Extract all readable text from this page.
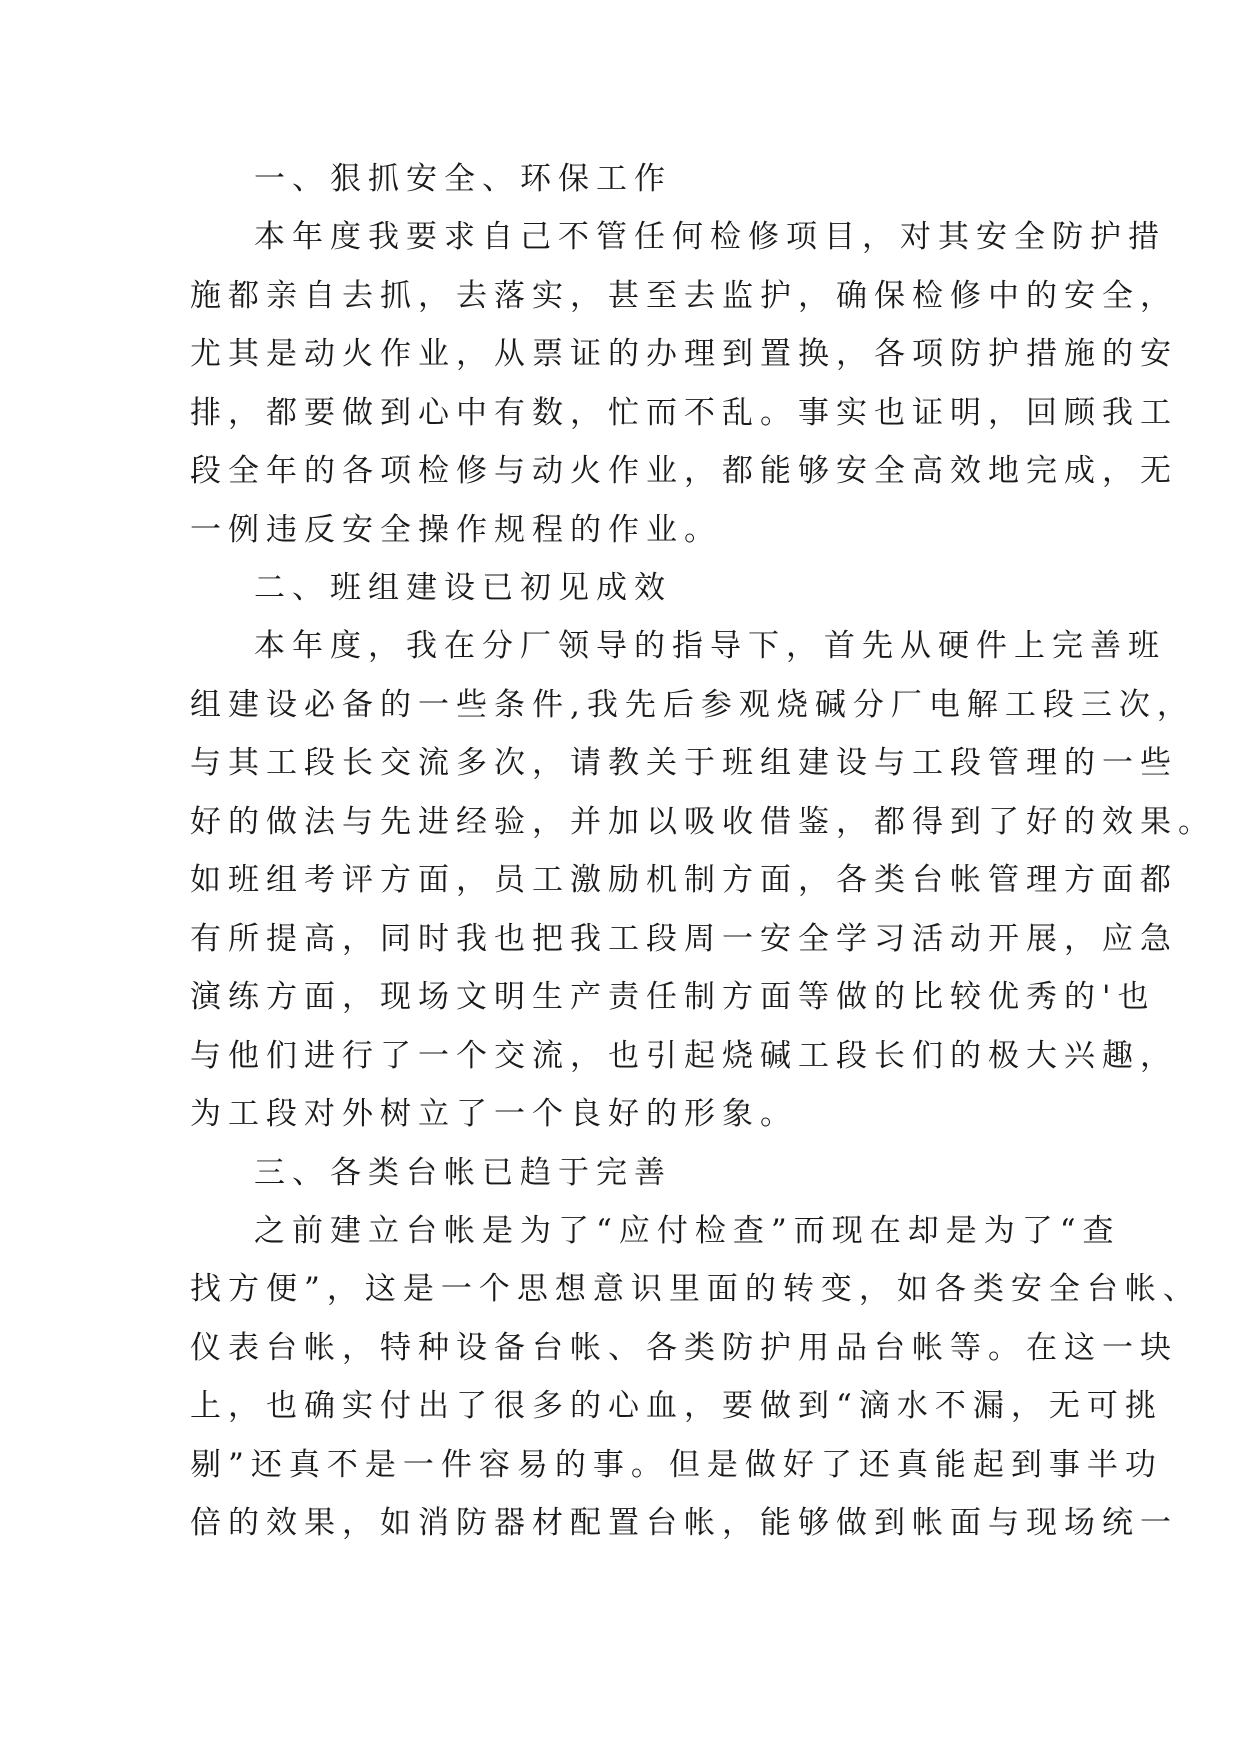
一、狠抓安全、环保工作
本年度我要求自己不管任何检修项目，对其安全防护措
施都亲自去抓，去落实，甚至去监护，确保检修中的安全，
尤其是动火作业，从票证的办理到置换，各项防护措施的安
排，都要做到心中有数，忙而不乱。事实也证明，回顾我工
段全年的各项检修与动火作业，都能够安全高效地完成，无
一例违反安全操作规程的作业。
二、班组建设已初见成效
本年度，我在分厂领导的指导下，首先从硬件上完善班
组建设必备的一些条件,我先后参观烧碱分厂电解工段三次，
与其工段长交流多次，请教关于班组建设与工段管理的一些
好的做法与先进经验，并加以吸收借鉴，都得到了好的效果。
如班组考评方面，员工激励机制方面，各类台帐管理方面都
有所提高，同时我也把我工段周一安全学习活动开展，应急
演练方面，现场文明生产责任制方面等做的比较优秀的'也
与他们进行了一个交流，也引起烧碱工段长们的极大兴趣，
为工段对外树立了一个良好的形象。
三、各类台帐已趋于完善
之前建立台帐是为了“应付检查”而现在却是为了“查
找方便”，这是一个思想意识里面的转变，如各类安全台帐、
仪表台帐，特种设备台帐、各类防护用品台帐等。在这一块
上，也确实付出了很多的心血，要做到“滴水不漏，无可挑
剔”还真不是一件容易的事。但是做好了还真能起到事半功
倍的效果，如消防器材配置台帐，能够做到帐面与现场统一
